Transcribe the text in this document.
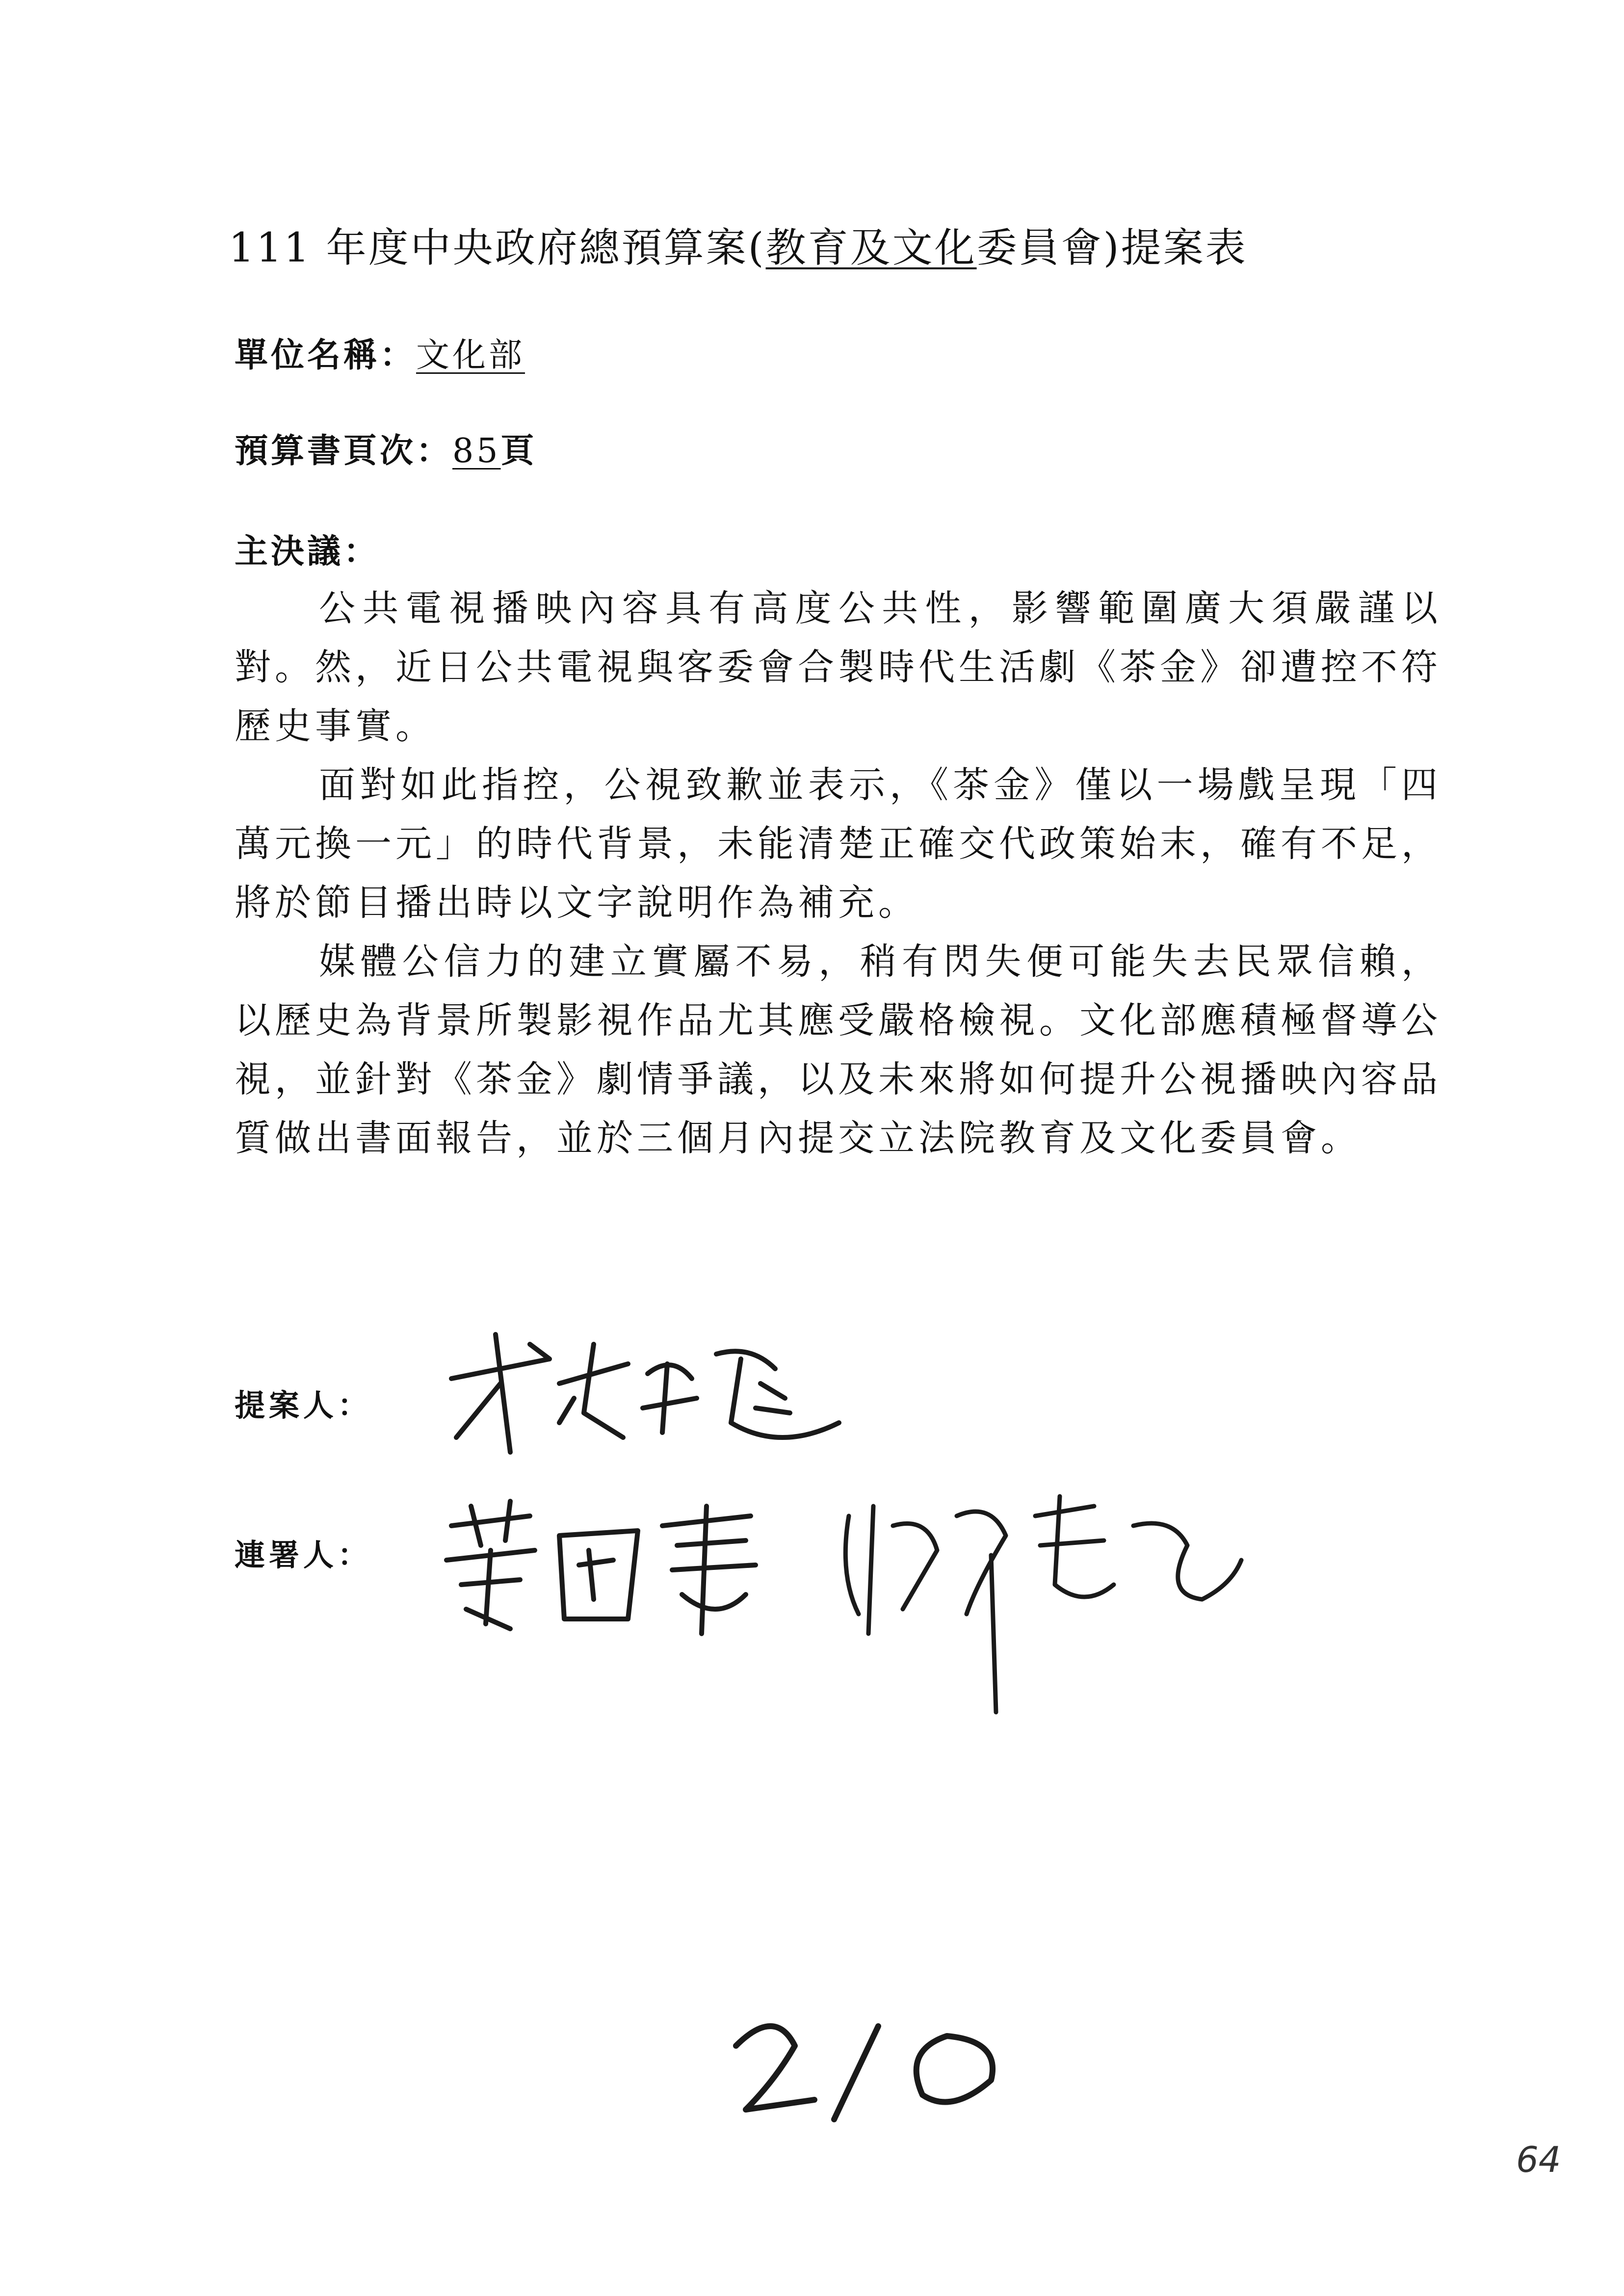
111 年度中央政府總預算案(教育及文化委員會)提案表
單位名稱：文化部
預算書頁次：85頁
主決議：

公共電視播映內容具有高度公共性，影響範圍廣大須嚴謹以對。然，近日公共電視與客委會合製時代生活劇《茶金》卻遭控不符歷史事實。

面對如此指控，公視致歉並表示，《茶金》僅以一場戲呈現「四萬元換一元」的時代背景，未能清楚正確交代政策始末，確有不足，將於節目播出時以文字說明作為補充。

媒體公信力的建立實屬不易，稍有閃失便可能失去民眾信賴，以歷史為背景所製影視作品尤其應受嚴格檢視。文化部應積極督導公視，並針對《茶金》劇情爭議，以及未來將如何提升公視播映內容品質做出書面報告，並於三個月內提交立法院教育及文化委員會。

提案人：
連署人：
64
